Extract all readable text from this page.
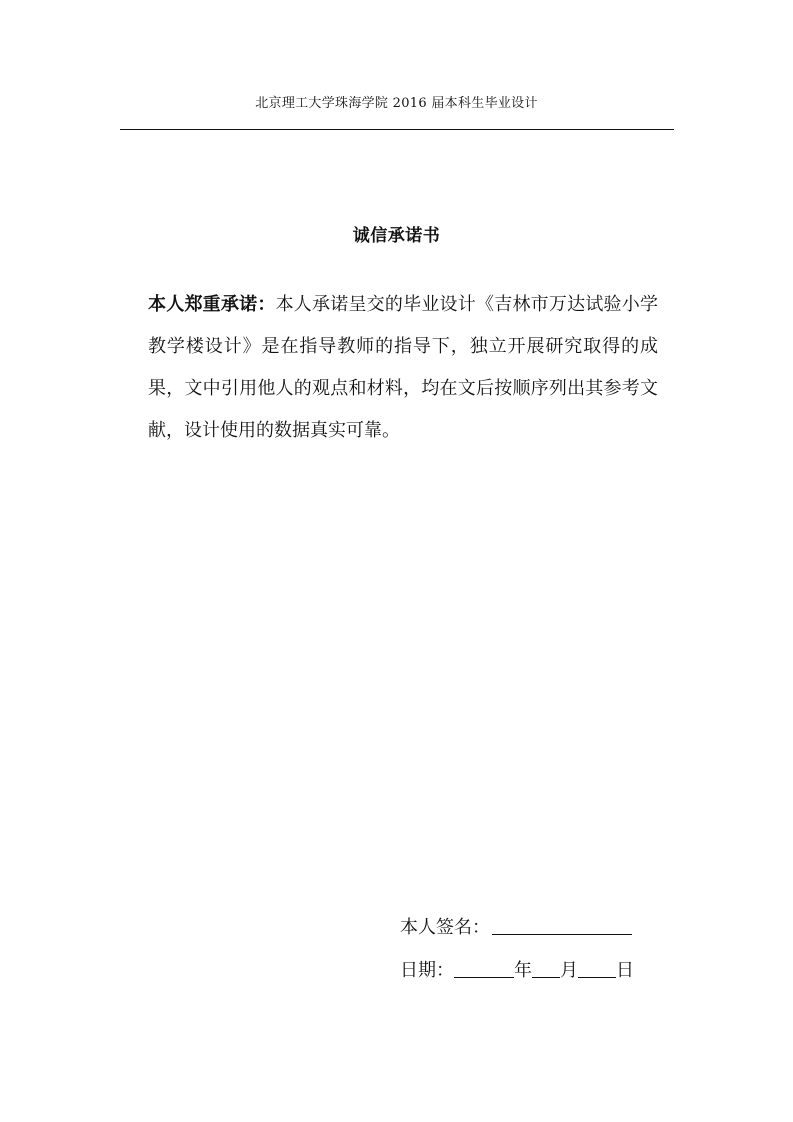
北京理工大学珠海学院 2016 届本科生毕业设计
诚信承诺书

本人郑重承诺：本人承诺呈交的毕业设计《吉林市万达试验小学教学楼设计》是在指导教师的指导下，独立开展研究取得的成果，文中引用他人的观点和材料，均在文后按顺序列出其参考文献，设计使用的数据真实可靠。

本人签名：
日期：	年 月 日
